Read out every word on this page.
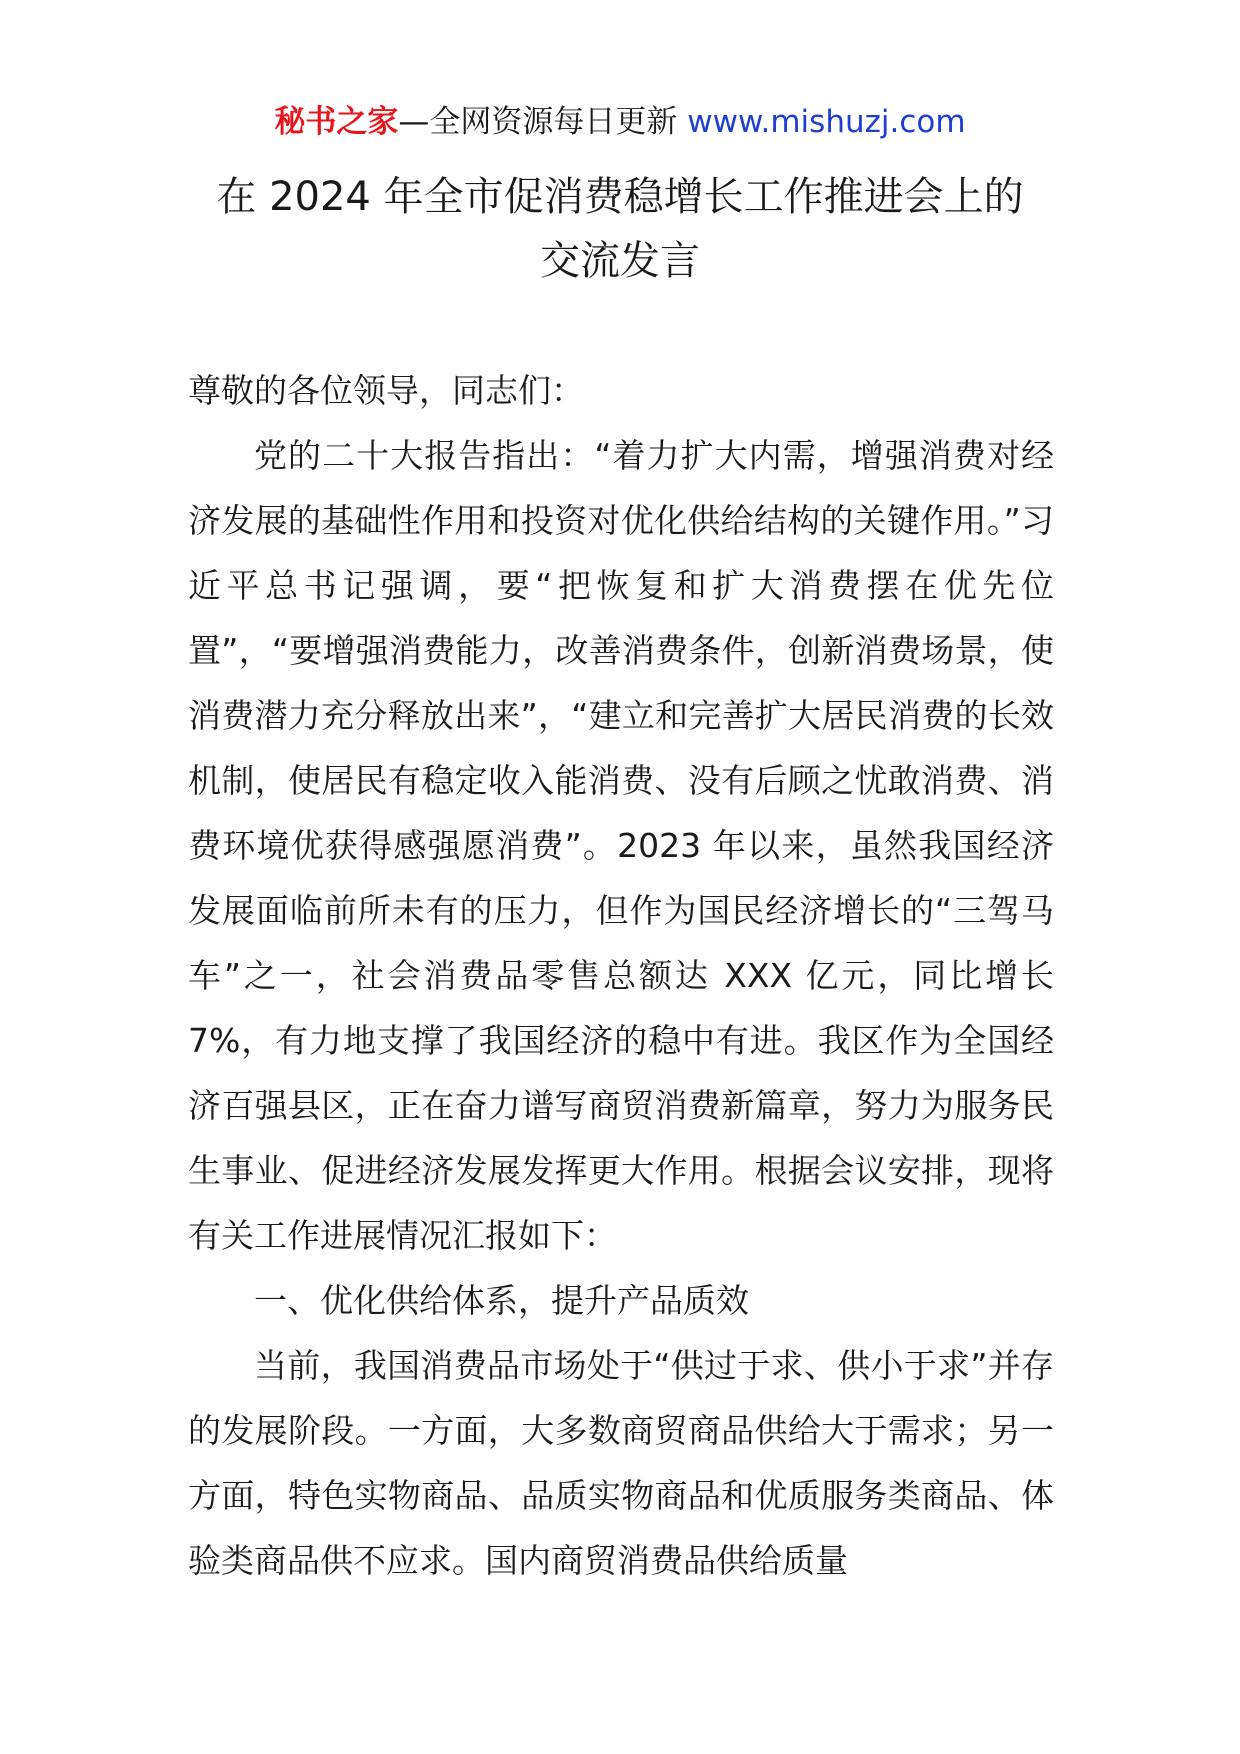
秘书之家—全网资源每日更新 www.mishuzj.com
在 2024 年全市促消费稳增长工作推进会上的
交流发言

尊敬的各位领导，同志们：

党的二十大报告指出：“着力扩大内需，增强消费对经济发展的基础性作用和投资对优化供给结构的关键作用。”习近平总书记强调，要“把恢复和扩大消费摆在优先位置”，“要增强消费能力，改善消费条件，创新消费场景，使消费潜力充分释放出来”，“建立和完善扩大居民消费的长效机制，使居民有稳定收入能消费、没有后顾之忧敢消费、消费环境优获得感强愿消费”。2023 年以来，虽然我国经济发展面临前所未有的压力，但作为国民经济增长的“三驾马车”之一，社会消费品零售总额达 XXX 亿元，同比增长 7%，有力地支撑了我国经济的稳中有进。我区作为全国经济百强县区，正在奋力谱写商贸消费新篇章，努力为服务民生事业、促进经济发展发挥更大作用。根据会议安排，现将有关工作进展情况汇报如下：

一、优化供给体系，提升产品质效

当前，我国消费品市场处于“供过于求、供小于求”并存的发展阶段。一方面，大多数商贸商品供给大于需求；另一方面，特色实物商品、品质实物商品和优质服务类商品、体验类商品供不应求。国内商贸消费品供给质量
